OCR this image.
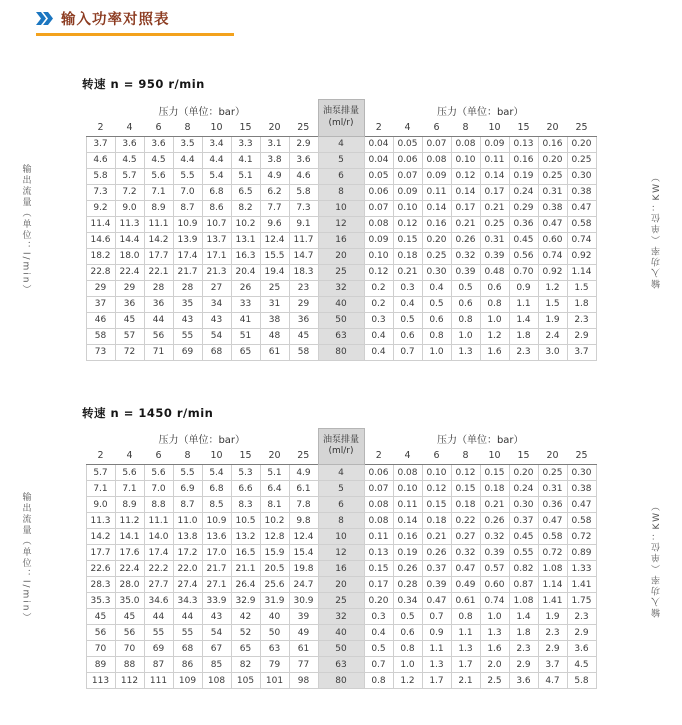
输入功率对照表
转速 n = 950 r/min
输出流量（单位：l/min）
压力（单位：bar）								油泵排量
(ml/r)	压力（单位：bar）							
2	4	6	8	10	15	20	25		2	4	6	8	10	15	20	25
3.7	3.6	3.6	3.5	3.4	3.3	3.1	2.9	4	0.04	0.05	0.07	0.08	0.09	0.13	0.16	0.20
4.6	4.5	4.5	4.4	4.4	4.1	3.8	3.6	5	0.04	0.06	0.08	0.10	0.11	0.16	0.20	0.25
5.8	5.7	5.6	5.5	5.4	5.1	4.9	4.6	6	0.05	0.07	0.09	0.12	0.14	0.19	0.25	0.30
7.3	7.2	7.1	7.0	6.8	6.5	6.2	5.8	8	0.06	0.09	0.11	0.14	0.17	0.24	0.31	0.38
9.2	9.0	8.9	8.7	8.6	8.2	7.7	7.3	10	0.07	0.10	0.14	0.17	0.21	0.29	0.38	0.47
11.4	11.3	11.1	10.9	10.7	10.2	9.6	9.1	12	0.08	0.12	0.16	0.21	0.25	0.36	0.47	0.58
14.6	14.4	14.2	13.9	13.7	13.1	12.4	11.7	16	0.09	0.15	0.20	0.26	0.31	0.45	0.60	0.74
18.2	18.0	17.7	17.4	17.1	16.3	15.5	14.7	20	0.10	0.18	0.25	0.32	0.39	0.56	0.74	0.92
22.8	22.4	22.1	21.7	21.3	20.4	19.4	18.3	25	0.12	0.21	0.30	0.39	0.48	0.70	0.92	1.14
29	29	28	28	27	26	25	23	32	0.2	0.3	0.4	0.5	0.6	0.9	1.2	1.5
37	36	36	35	34	33	31	29	40	0.2	0.4	0.5	0.6	0.8	1.1	1.5	1.8
46	45	44	43	43	41	38	36	50	0.3	0.5	0.6	0.8	1.0	1.4	1.9	2.3
58	57	56	55	54	51	48	45	63	0.4	0.6	0.8	1.0	1.2	1.8	2.4	2.9
73	72	71	69	68	65	61	58	80	0.4	0.7	1.0	1.3	1.6	2.3	3.0	3.7
输入功率（单位：KW）
转速 n = 1450 r/min
输出流量（单位：l/min）
压力（单位：bar）								油泵排量
(ml/r)	压力（单位：bar）							
2	4	6	8	10	15	20	25		2	4	6	8	10	15	20	25
5.7	5.6	5.6	5.5	5.4	5.3	5.1	4.9	4	0.06	0.08	0.10	0.12	0.15	0.20	0.25	0.30
7.1	7.1	7.0	6.9	6.8	6.6	6.4	6.1	5	0.07	0.10	0.12	0.15	0.18	0.24	0.31	0.38
9.0	8.9	8.8	8.7	8.5	8.3	8.1	7.8	6	0.08	0.11	0.15	0.18	0.21	0.30	0.36	0.47
11.3	11.2	11.1	11.0	10.9	10.5	10.2	9.8	8	0.08	0.14	0.18	0.22	0.26	0.37	0.47	0.58
14.2	14.1	14.0	13.8	13.6	13.2	12.8	12.4	10	0.11	0.16	0.21	0.27	0.32	0.45	0.58	0.72
17.7	17.6	17.4	17.2	17.0	16.5	15.9	15.4	12	0.13	0.19	0.26	0.32	0.39	0.55	0.72	0.89
22.6	22.4	22.2	22.0	21.7	21.1	20.5	19.8	16	0.15	0.26	0.37	0.47	0.57	0.82	1.08	1.33
28.3	28.0	27.7	27.4	27.1	26.4	25.6	24.7	20	0.17	0.28	0.39	0.49	0.60	0.87	1.14	1.41
35.3	35.0	34.6	34.3	33.9	32.9	31.9	30.9	25	0.20	0.34	0.47	0.61	0.74	1.08	1.41	1.75
45	45	44	44	43	42	40	39	32	0.3	0.5	0.7	0.8	1.0	1.4	1.9	2.3
56	56	55	55	54	52	50	49	40	0.4	0.6	0.9	1.1	1.3	1.8	2.3	2.9
70	70	69	68	67	65	63	61	50	0.5	0.8	1.1	1.3	1.6	2.3	2.9	3.6
89	88	87	86	85	82	79	77	63	0.7	1.0	1.3	1.7	2.0	2.9	3.7	4.5
113	112	111	109	108	105	101	98	80	0.8	1.2	1.7	2.1	2.5	3.6	4.7	5.8
输入功率（单位：KW）
